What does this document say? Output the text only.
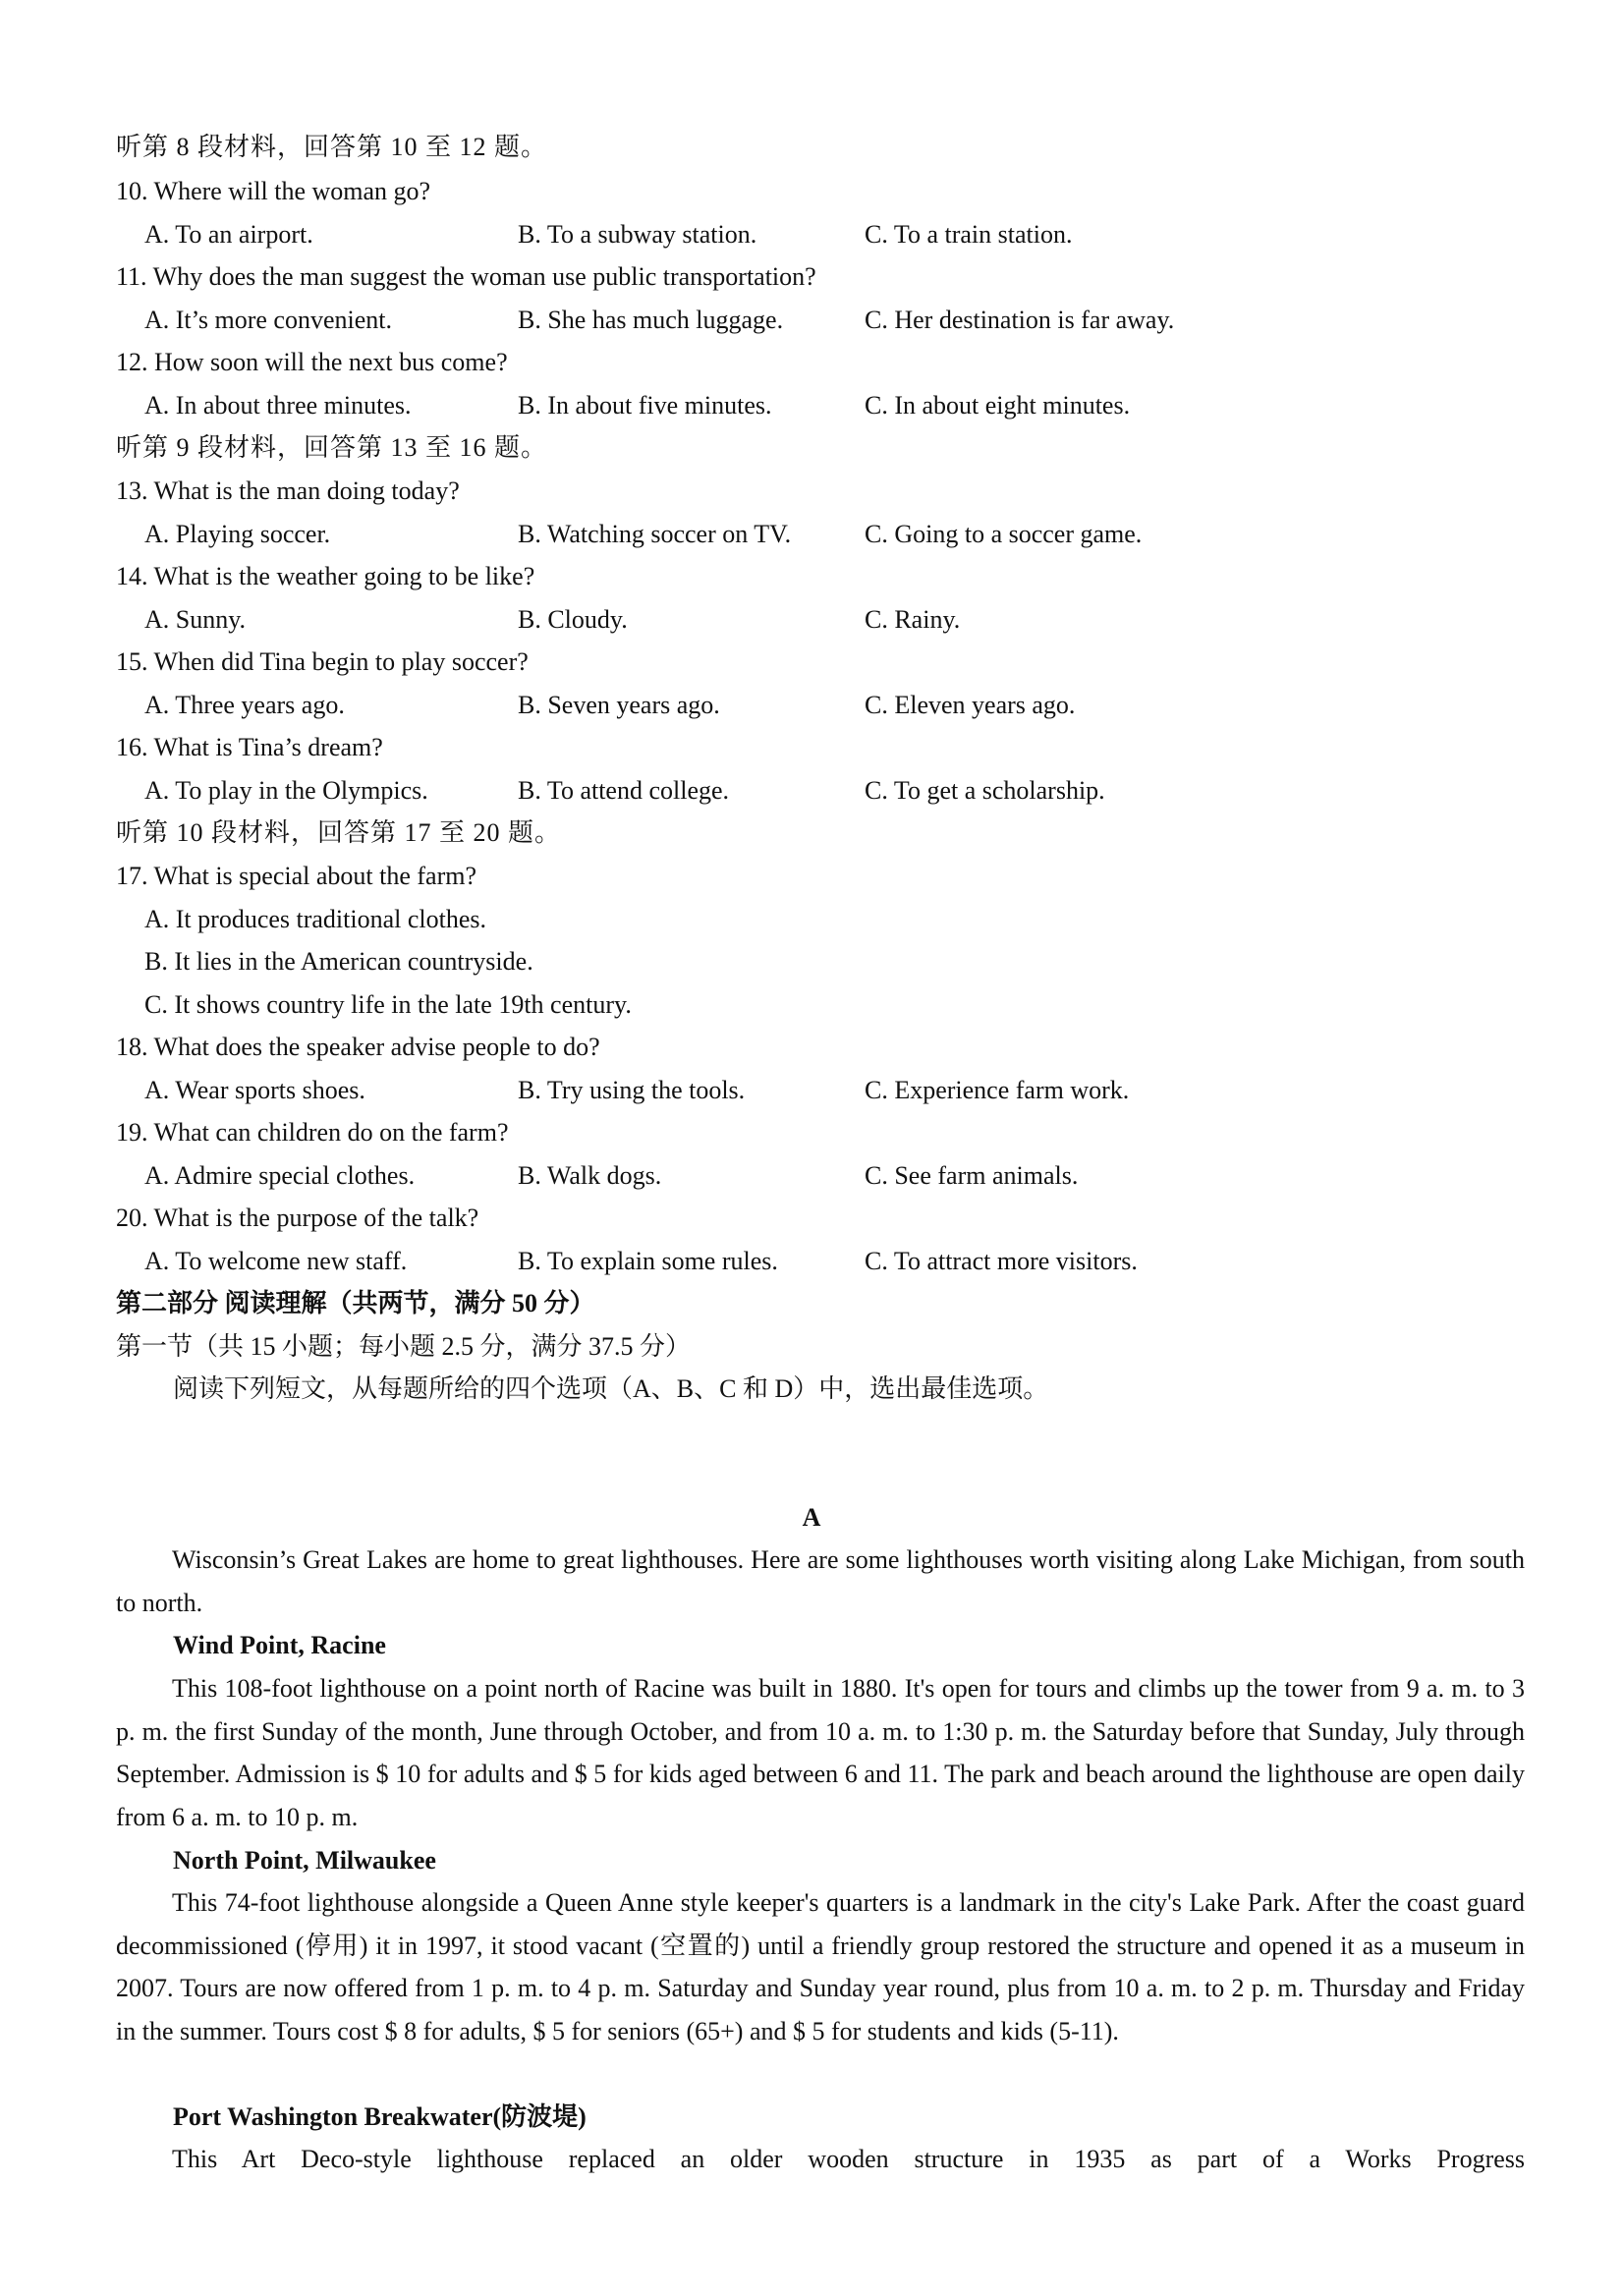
听第 8 段材料，回答第 10 至 12 题。
10. Where will the woman go?
A. To an airport.	B. To a subway station.	C. To a train station.
11. Why does the man suggest the woman use public transportation?
A. It’s more convenient.	B. She has much luggage.	C. Her destination is far away.
12. How soon will the next bus come?
A. In about three minutes.	B. In about five minutes.	C. In about eight minutes.
听第 9 段材料，回答第 13 至 16 题。
13. What is the man doing today?
A. Playing soccer.	B. Watching soccer on TV.	C. Going to a soccer game.
14. What is the weather going to be like?
A. Sunny.	B. Cloudy.	C. Rainy.
15. When did Tina begin to play soccer?
A. Three years ago.	B. Seven years ago.	C. Eleven years ago.
16. What is Tina’s dream?
A. To play in the Olympics.	B. To attend college.	C. To get a scholarship.
听第 10 段材料，回答第 17 至 20 题。
17. What is special about the farm?
A. It produces traditional clothes.
B. It lies in the American countryside.
C. It shows country life in the late 19th century.
18. What does the speaker advise people to do?
A. Wear sports shoes.	B. Try using the tools.	C. Experience farm work.
19. What can children do on the farm?
A. Admire special clothes.	B. Walk dogs.	C. See farm animals.
20. What is the purpose of the talk?
A. To welcome new staff.	B. To explain some rules.	C. To attract more visitors.
第二部分 阅读理解（共两节，满分 50 分）
第一节（共 15 小题；每小题 2.5 分，满分 37.5 分）
阅读下列短文，从每题所给的四个选项（A、B、C 和 D）中，选出最佳选项。
A
Wisconsin’s Great Lakes are home to great lighthouses. Here are some lighthouses worth visiting along Lake Michigan, from south to north.
Wind Point, Racine
This 108-foot lighthouse on a point north of Racine was built in 1880. It's open for tours and climbs up the tower from 9 a. m. to 3 p. m. the first Sunday of the month, June through October, and from 10 a. m. to 1:30 p. m. the Saturday before that Sunday, July through September. Admission is $ 10 for adults and $ 5 for kids aged between 6 and 11. The park and beach around the lighthouse are open daily from 6 a. m. to 10 p. m.
North Point, Milwaukee
This 74-foot lighthouse alongside a Queen Anne style keeper's quarters is a landmark in the city's Lake Park. After the coast guard decommissioned (停用) it in 1997, it stood vacant (空置的) until a friendly group restored the structure and opened it as a museum in 2007. Tours are now offered from 1 p. m. to 4 p. m. Saturday and Sunday year round, plus from 10 a. m. to 2 p. m. Thursday and Friday in the summer. Tours cost $ 8 for adults, $ 5 for seniors (65+) and $ 5 for students and kids (5-11).
Port Washington Breakwater(防波堤)
This Art Deco-style lighthouse replaced an older wooden structure in 1935 as part of a Works Progress
